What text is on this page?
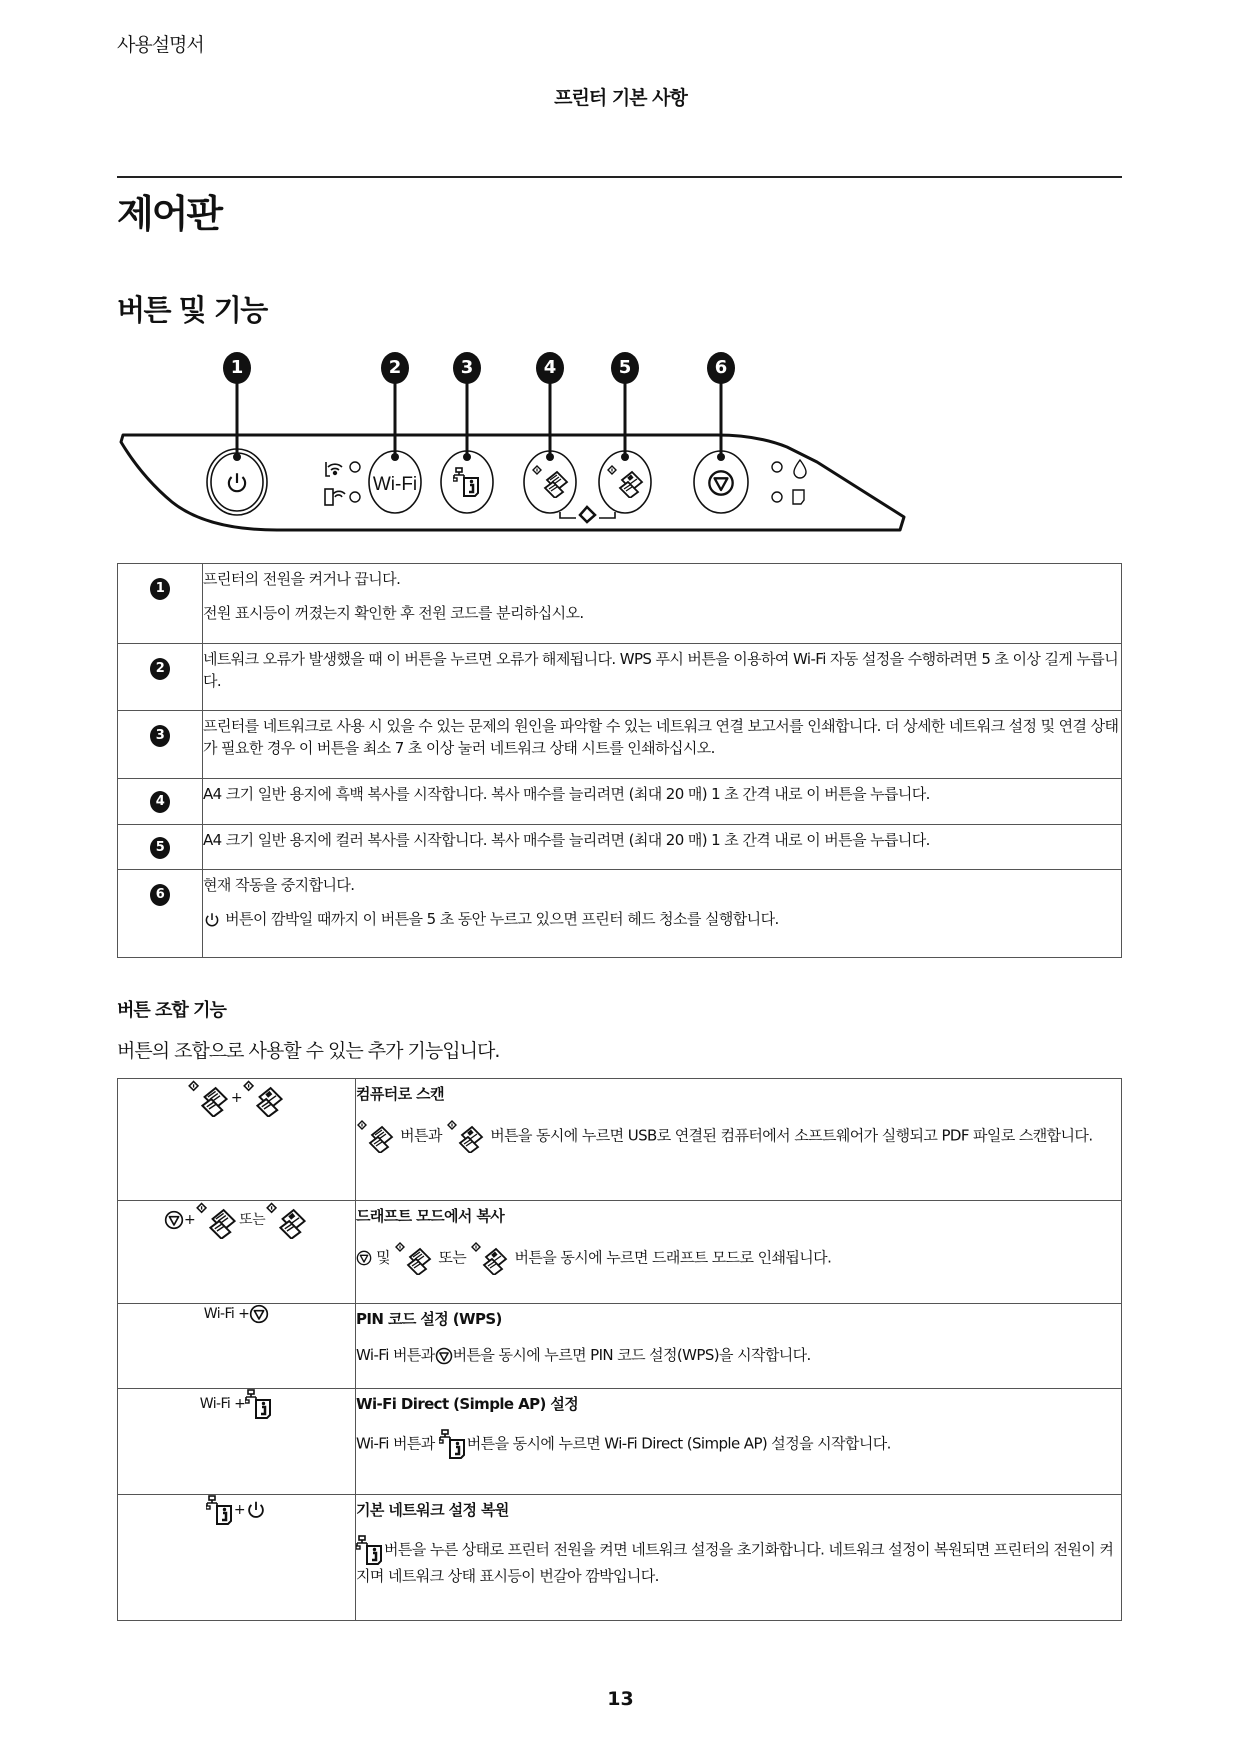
사용설명서
프린터 기본 사항
제어판
버튼 및 기능
Wi-Fi
1	2	3	4	5	6
1	프린터의 전원을 켜거나 끕니다.

전원 표시등이 꺼졌는지 확인한 후 전원 코드를 분리하십시오.

2	네트워크 오류가 발생했을 때 이 버튼을 누르면 오류가 해제됩니다. WPS 푸시 버튼을 이용하여 Wi-Fi 자동 설정을 수행하려면 5 초 이상 길게 누릅니다.

3	프린터를 네트워크로 사용 시 있을 수 있는 문제의 원인을 파악할 수 있는 네트워크 연결 보고서를 인쇄합니다. 더 상세한 네트워크 설정 및 연결 상태가 필요한 경우 이 버튼을 최소 7 초 이상 눌러 네트워크 상태 시트를 인쇄하십시오.

4	A4 크기 일반 용지에 흑백 복사를 시작합니다. 복사 매수를 늘리려면 (최대 20 매) 1 초 간격 내로 이 버튼을 누릅니다.

5	A4 크기 일반 용지에 컬러 복사를 시작합니다. 복사 매수를 늘리려면 (최대 20 매) 1 초 간격 내로 이 버튼을 누릅니다.

6	현재 작동을 중지합니다.

버튼이 깜박일 때까지 이 버튼을 5 초 동안 누르고 있으면 프린터 헤드 청소를 실행합니다.

버튼 조합 기능
버튼의 조합으로 사용할 수 있는 추가 기능입니다.
+	컴퓨터로 스캔
버튼과 버튼을 동시에 누르면 USB로 연결된 컴퓨터에서 소프트웨어가 실행되고 PDF 파일로 스캔합니다.

+ 또는	드래프트 모드에서 복사
및 또는 버튼을 동시에 누르면 드래프트 모드로 인쇄됩니다.

Wi-Fi +	PIN 코드 설정 (WPS)
Wi-Fi 버튼과 버튼을 동시에 누르면 PIN 코드 설정(WPS)을 시작합니다.

Wi-Fi +	Wi-Fi Direct (Simple AP) 설정
Wi-Fi 버튼과 버튼을 동시에 누르면 Wi-Fi Direct (Simple AP) 설정을 시작합니다.

+	기본 네트워크 설정 복원
버튼을 누른 상태로 프린터 전원을 켜면 네트워크 설정을 초기화합니다. 네트워크 설정이 복원되면 프린터의 전원이 켜지며 네트워크 상태 표시등이 번갈아 깜박입니다.
13
